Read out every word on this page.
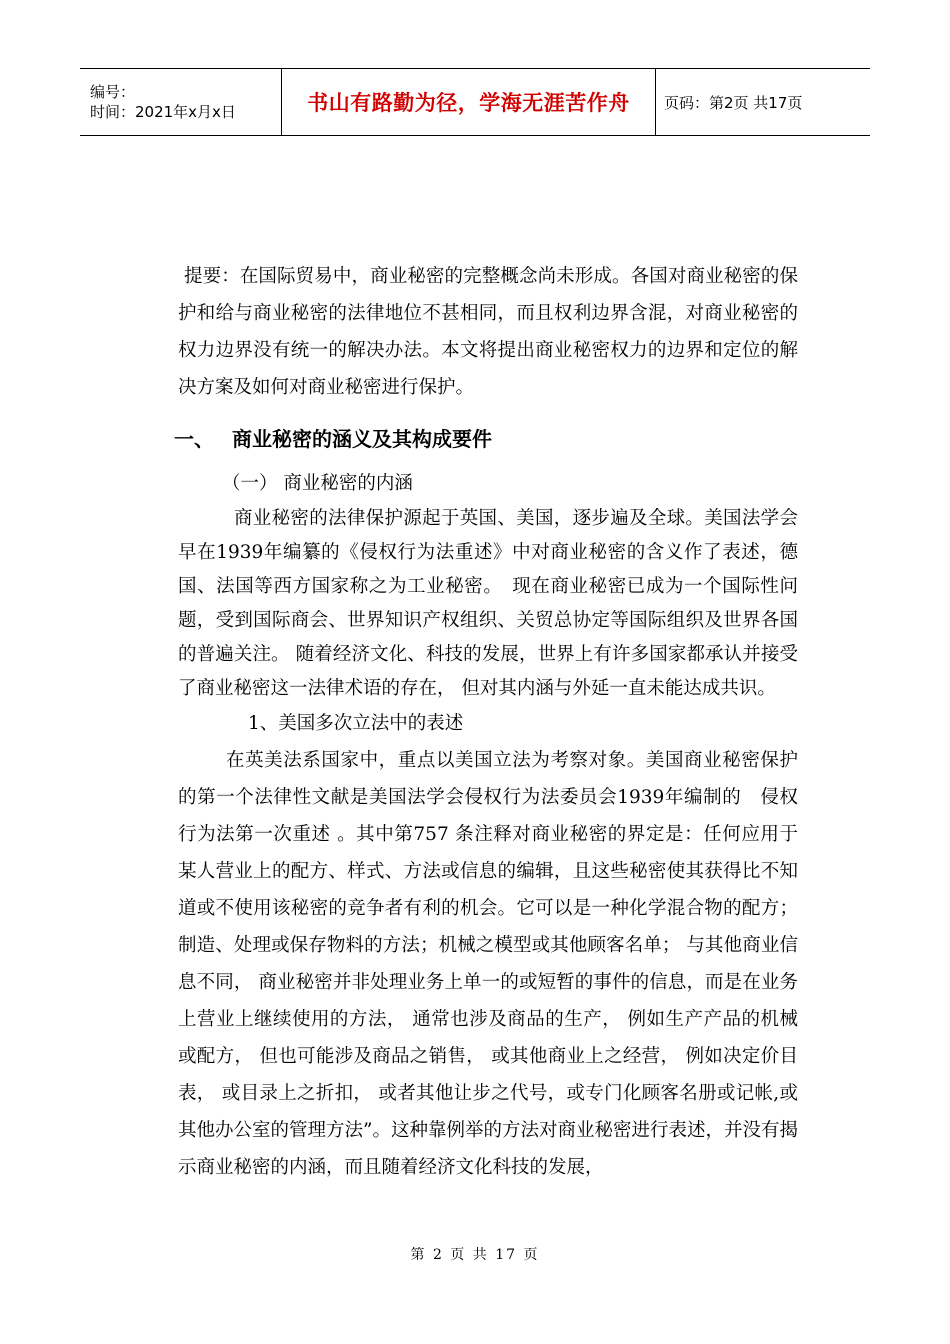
编号：
时间：2021年x月x日	书山有路勤为径，学海无涯苦作舟 页码：第2页 共17页

提要：在国际贸易中，商业秘密的完整概念尚未形成。各国对商业秘密的保护和给与商业秘密的法律地位不甚相同，而且权利边界含混，对商业秘密的权力边界没有统一的解决办法。本文将提出商业秘密权力的边界和定位的解决方案及如何对商业秘密进行保护。

一、 商业秘密的涵义及其构成要件
（一） 商业秘密的内涵

商业秘密的法律保护源起于英国、美国，逐步遍及全球。美国法学会早在1939年编纂的《侵权行为法重述》中对商业秘密的含义作了表述，德国、法国等西方国家称之为工业秘密。　现在商业秘密已成为一个国际性问题，受到国际商会、世界知识产权组织、关贸总协定等国际组织及世界各国的普遍关注。 随着经济文化、科技的发展，世界上有许多国家都承认并接受了商业秘密这一法律术语的存在， 但对其内涵与外延一直未能达成共识。

1、美国多次立法中的表述

在英美法系国家中，重点以美国立法为考察对象。美国商业秘密保护的第一个法律性文献是美国法学会侵权行为法委员会1939年编制的　侵权行为法第一次重述 。其中第757 条注释对商业秘密的界定是：任何应用于某人营业上的配方、样式、方法或信息的编辑，且这些秘密使其获得比不知道或不使用该秘密的竞争者有利的机会。它可以是一种化学混合物的配方； 制造、处理或保存物料的方法；机械之模型或其他顾客名单； 与其他商业信息不同， 商业秘密并非处理业务上单一的或短暂的事件的信息，而是在业务上营业上继续使用的方法， 通常也涉及商品的生产， 例如生产产品的机械或配方， 但也可能涉及商品之销售， 或其他商业上之经营， 例如决定价目表， 或目录上之折扣， 或者其他让步之代号，或专门化顾客名册或记帐,或其他办公室的管理方法”。这种靠例举的方法对商业秘密进行表述，并没有揭示商业秘密的内涵，而且随着经济文化科技的发展，

第 2 页 共 17 页
